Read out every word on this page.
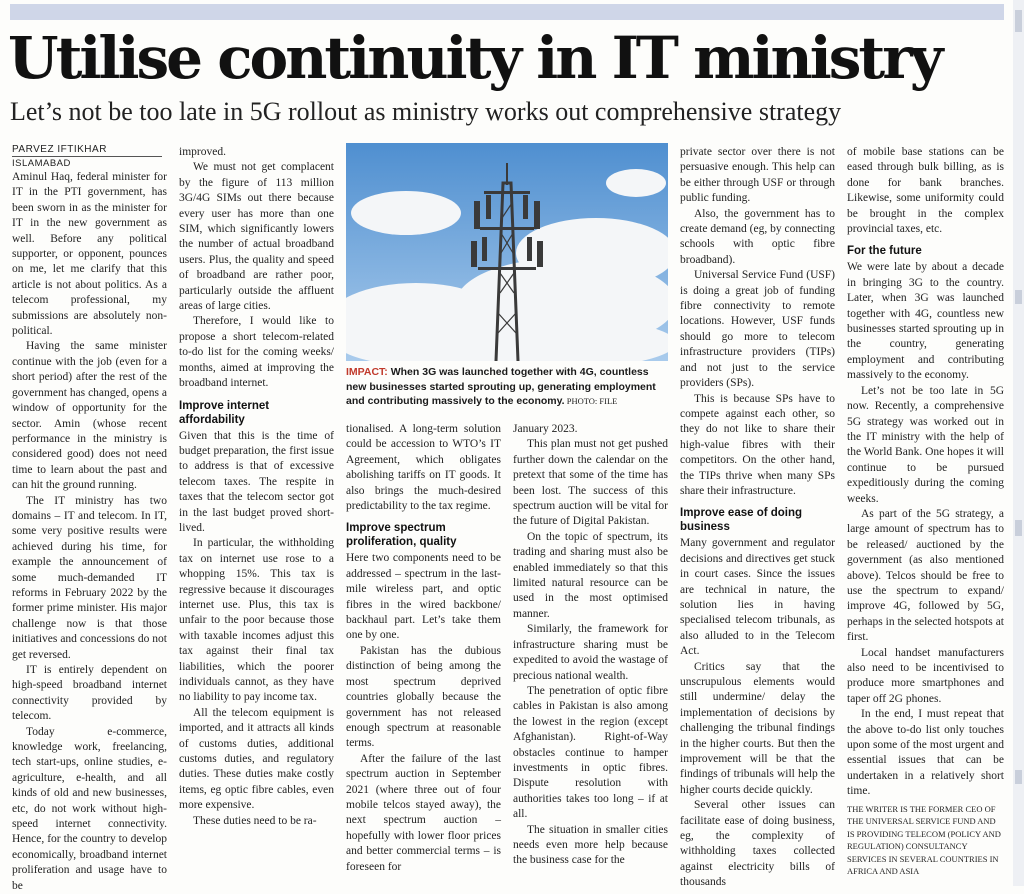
Utilise continuity in IT ministry
Let’s not be too late in 5G rollout as ministry works out comprehensive strategy
PARVEZ IFTIKHAR
ISLAMABAD

Aminul Haq, federal minister for IT in the PTI government, has been sworn in as the minister for IT in the new government as well. Before any political supporter, or opponent, pounces on me, let me clarify that this article is not about politics. As a telecom professional, my submissions are absolutely non-political.

Having the same minister continue with the job (even for a short period) after the rest of the government has changed, opens a window of opportunity for the sector. Amin (whose recent performance in the ministry is considered good) does not need time to learn about the past and can hit the ground running.

The IT ministry has two domains – IT and telecom. In IT, some very positive results were achieved during his time, for example the announcement of some much-demanded IT reforms in February 2022 by the former prime minister. His major challenge now is that those initiatives and concessions do not get reversed.

IT is entirely dependent on high-speed broadband internet connectivity provided by telecom.

Today e-commerce, knowledge work, freelancing, tech start-ups, online studies, e-agriculture, e-health, and all kinds of old and new businesses, etc, do not work without high-speed internet connectivity. Hence, for the country to develop economically, broadband internet proliferation and usage have to be

improved.

We must not get complacent by the figure of 113 million 3G/4G SIMs out there because every user has more than one SIM, which significantly lowers the number of actual broadband users. Plus, the quality and speed of broadband are rather poor, particularly outside the affluent areas of large cities.

Therefore, I would like to propose a short telecom-related to-do list for the coming weeks/ months, aimed at improving the broadband internet.

Improve internet affordability

Given that this is the time of budget preparation, the first issue to address is that of excessive telecom taxes. The respite in taxes that the telecom sector got in the last budget proved short-lived.

In particular, the withholding tax on internet use rose to a whopping 15%. This tax is regressive because it discourages internet use. Plus, this tax is unfair to the poor because those with taxable incomes adjust this tax against their final tax liabilities, which the poorer individuals cannot, as they have no liability to pay income tax.

All the telecom equipment is imported, and it attracts all kinds of customs duties, additional customs duties, and regulatory duties. These duties make costly items, eg optic fibre cables, even more expensive.

These duties need to be ra-

IMPACT: When 3G was launched together with 4G, countless new businesses started sprouting up, generating employment and contributing massively to the economy. PHOTO: FILE

tionalised. A long-term solution could be accession to WTO’s IT Agreement, which obligates abolishing tariffs on IT goods. It also brings the much-desired predictability to the tax regime.

Improve spectrum proliferation, quality

Here two components need to be addressed – spectrum in the last-mile wireless part, and optic fibres in the wired backbone/ backhaul part. Let’s take them one by one.

Pakistan has the dubious distinction of being among the most spectrum deprived countries globally because the government has not released enough spectrum at reasonable terms.

After the failure of the last spectrum auction in September 2021 (where three out of four mobile telcos stayed away), the next spectrum auction – hopefully with lower floor prices and better commercial terms – is foreseen for

January 2023.

This plan must not get pushed further down the calendar on the pretext that some of the time has been lost. The success of this spectrum auction will be vital for the future of Digital Pakistan.

On the topic of spectrum, its trading and sharing must also be enabled immediately so that this limited natural resource can be used in the most optimised manner.

Similarly, the framework for infrastructure sharing must be expedited to avoid the wastage of precious national wealth.

The penetration of optic fibre cables in Pakistan is also among the lowest in the region (except Afghanistan). Right-of-Way obstacles continue to hamper investments in optic fibres. Dispute resolution with authorities takes too long – if at all.

The situation in smaller cities needs even more help because the business case for the

private sector over there is not persuasive enough. This help can be either through USF or through public funding.

Also, the government has to create demand (eg, by connecting schools with optic fibre broadband).

Universal Service Fund (USF) is doing a great job of funding fibre connectivity to remote locations. However, USF funds should go more to telecom infrastructure providers (TIPs) and not just to the service providers (SPs).

This is because SPs have to compete against each other, so they do not like to share their high-value fibres with their competitors. On the other hand, the TIPs thrive when many SPs share their infrastructure.

Improve ease of doing business

Many government and regulator decisions and directives get stuck in court cases. Since the issues are technical in nature, the solution lies in having specialised telecom tribunals, as also alluded to in the Telecom Act.

Critics say that the unscrupulous elements would still undermine/ delay the implementation of decisions by challenging the tribunal findings in the higher courts. But then the improvement will be that the findings of tribunals will help the higher courts decide quickly.

Several other issues can facilitate ease of doing business, eg, the complexity of withholding taxes collected against electricity bills of thousands

of mobile base stations can be eased through bulk billing, as is done for bank branches. Likewise, some uniformity could be brought in the complex provincial taxes, etc.

For the future

We were late by about a decade in bringing 3G to the country. Later, when 3G was launched together with 4G, countless new businesses started sprouting up in the country, generating employment and contributing massively to the economy.

Let’s not be too late in 5G now. Recently, a comprehensive 5G strategy was worked out in the IT ministry with the help of the World Bank. One hopes it will continue to be pursued expeditiously during the coming weeks.

As part of the 5G strategy, a large amount of spectrum has to be released/ auctioned by the government (as also mentioned above). Telcos should be free to use the spectrum to expand/ improve 4G, followed by 5G, perhaps in the selected hotspots at first.

Local handset manufacturers also need to be incentivised to produce more smartphones and taper off 2G phones.

In the end, I must repeat that the above to-do list only touches upon some of the most urgent and essential issues that can be undertaken in a relatively short time.

THE WRITER IS THE FORMER CEO OF THE UNIVERSAL SERVICE FUND AND IS PROVIDING TELECOM (POLICY AND REGULATION) CONSULTANCY SERVICES IN SEVERAL COUNTRIES IN AFRICA AND ASIA
